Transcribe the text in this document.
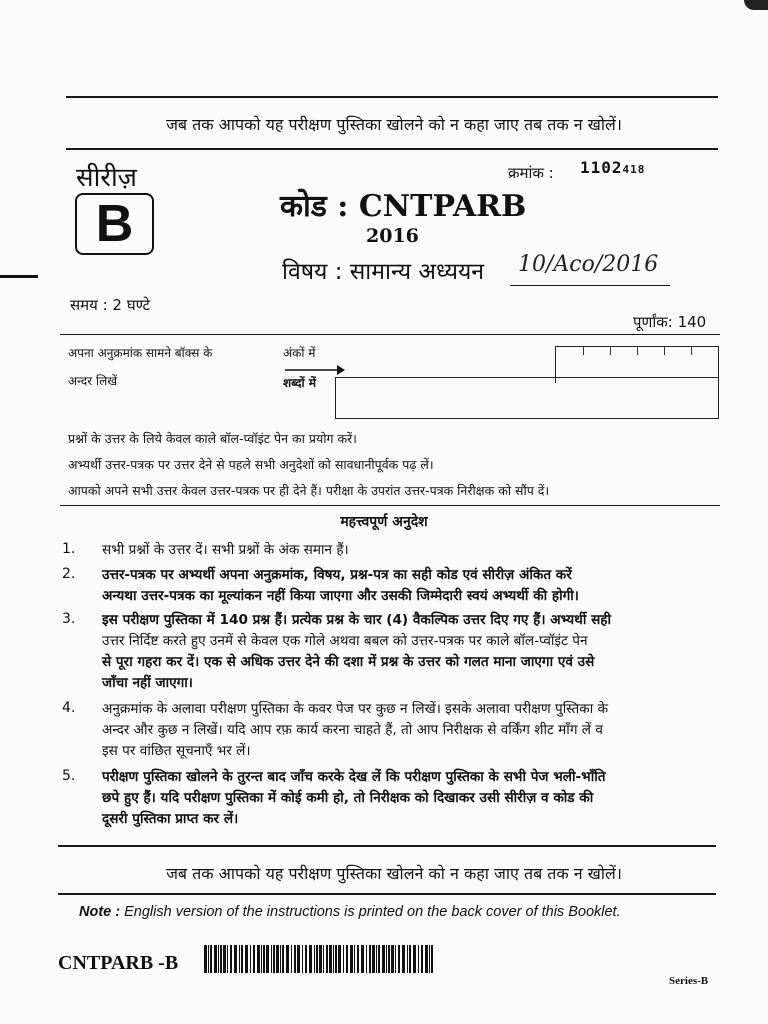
जब तक आपको यह परीक्षण पुस्तिका खोलने को न कहा जाए तब तक न खोलें।
सीरीज़
B
क्रमांक : 1102418
कोड : CNTPARB
2016
विषय : सामान्य अध्ययन 10/Aco/2016
समय : 2 घण्टे
पूर्णांक: 140
अपना अनुक्रमांक सामने बॉक्स के
अन्दर लिखें
अंकों में
शब्दों में
प्रश्नों के उत्तर के लिये केवल काले बॉल-प्वॉइंट पेन का प्रयोग करें।
अभ्यर्थी उत्तर-पत्रक पर उत्तर देने से पहले सभी अनुदेशों को सावधानीपूर्वक पढ़ लें।
आपको अपने सभी उत्तर केवल उत्तर-पत्रक पर ही देने हैं। परीक्षा के उपरांत उत्तर-पत्रक निरीक्षक को सौंप दें।
महत्त्वपूर्ण अनुदेश
1. सभी प्रश्नों के उत्तर दें। सभी प्रश्नों के अंक समान हैं।
2. उत्तर-पत्रक पर अभ्यर्थी अपना अनुक्रमांक, विषय, प्रश्न-पत्र का सही कोड एवं सीरीज़ अंकित करें
अन्यथा उत्तर-पत्रक का मूल्यांकन नहीं किया जाएगा और उसकी जिम्मेदारी स्वयं अभ्यर्थी की होगी।
3. इस परीक्षण पुस्तिका में 140 प्रश्न हैं। प्रत्येक प्रश्न के चार (4) वैकल्पिक उत्तर दिए गए हैं। अभ्यर्थी सही
उत्तर निर्दिष्ट करते हुए उनमें से केवल एक गोले अथवा बबल को उत्तर-पत्रक पर काले बॉल-प्वॉइंट पेन
से पूरा गहरा कर दें। एक से अधिक उत्तर देने की दशा में प्रश्न के उत्तर को गलत माना जाएगा एवं उसे
जाँचा नहीं जाएगा।
4. अनुक्रमांक के अलावा परीक्षण पुस्तिका के कवर पेज पर कुछ न लिखें। इसके अलावा परीक्षण पुस्तिका के
अन्दर और कुछ न लिखें। यदि आप रफ़ कार्य करना चाहते हैं, तो आप निरीक्षक से वर्किंग शीट माँग लें व
इस पर वांछित सूचनाएँ भर लें।
5. परीक्षण पुस्तिका खोलने के तुरन्त बाद जाँच करके देख लें कि परीक्षण पुस्तिका के सभी पेज भली-भाँति
छपे हुए हैं। यदि परीक्षण पुस्तिका में कोई कमी हो, तो निरीक्षक को दिखाकर उसी सीरीज़ व कोड की
दूसरी पुस्तिका प्राप्त कर लें।
जब तक आपको यह परीक्षण पुस्तिका खोलने को न कहा जाए तब तक न खोलें।
Note : English version of the instructions is printed on the back cover of this Booklet.
CNTPARB -B
Series-B
